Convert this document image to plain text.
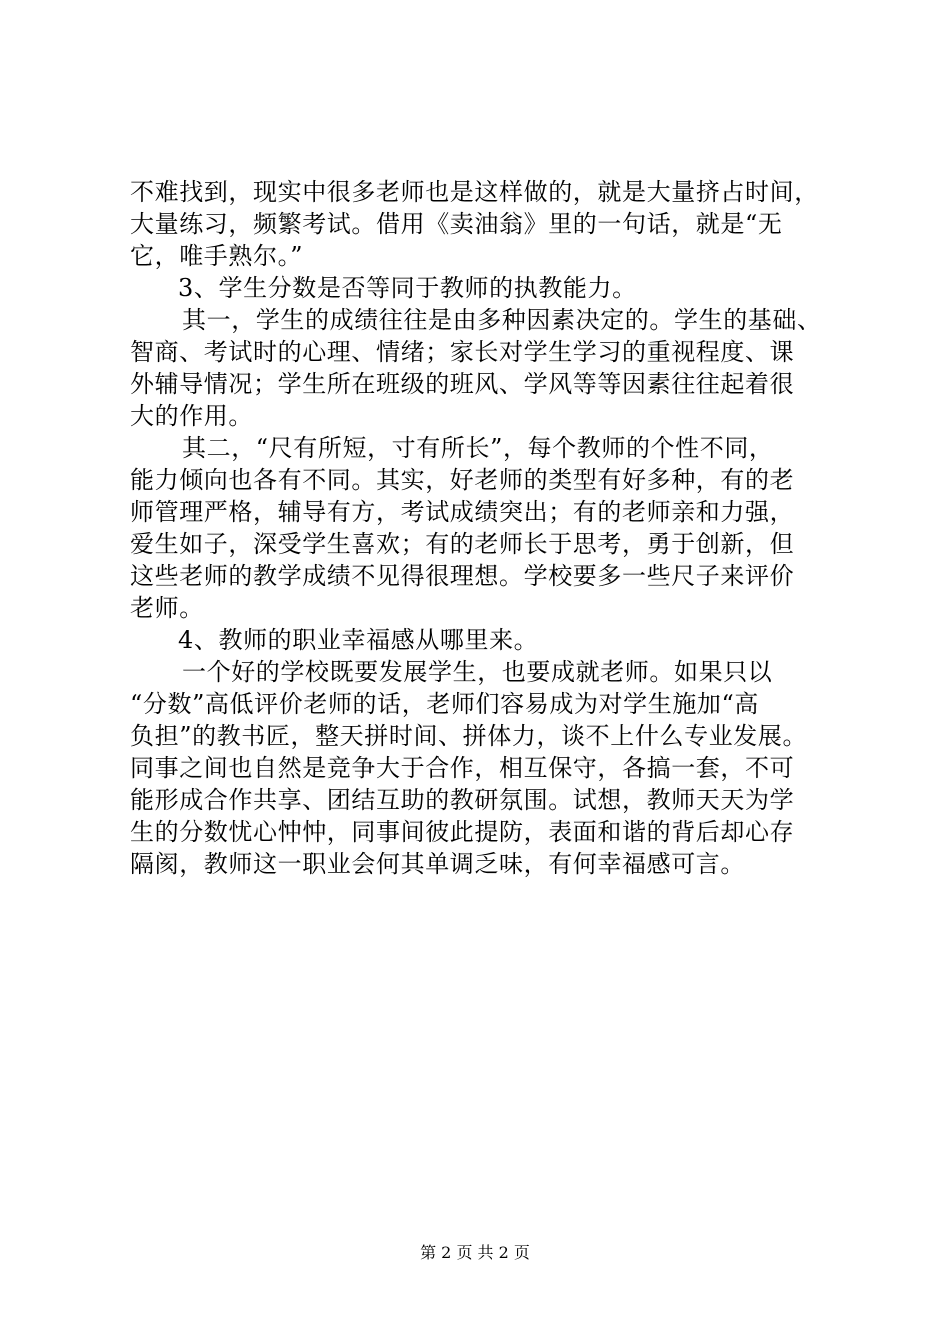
不难找到，现实中很多老师也是这样做的，就是大量挤占时间，
大量练习，频繁考试。借用《卖油翁》里的一句话，就是“无
它，唯手熟尔。”
3、学生分数是否等同于教师的执教能力。
其一，学生的成绩往往是由多种因素决定的。学生的基础、
智商、考试时的心理、情绪；家长对学生学习的重视程度、课
外辅导情况；学生所在班级的班风、学风等等因素往往起着很
大的作用。
其二，“尺有所短，寸有所长”，每个教师的个性不同，
能力倾向也各有不同。其实，好老师的类型有好多种，有的老
师管理严格，辅导有方，考试成绩突出；有的老师亲和力强，
爱生如子，深受学生喜欢；有的老师长于思考，勇于创新，但
这些老师的教学成绩不见得很理想。学校要多一些尺子来评价
老师。
4、教师的职业幸福感从哪里来。
一个好的学校既要发展学生，也要成就老师。如果只以
“分数”高低评价老师的话，老师们容易成为对学生施加“高
负担”的教书匠，整天拼时间、拼体力，谈不上什么专业发展。
同事之间也自然是竞争大于合作，相互保守，各搞一套，不可
能形成合作共享、团结互助的教研氛围。试想，教师天天为学
生的分数忧心忡忡，同事间彼此提防，表面和谐的背后却心存
隔阂，教师这一职业会何其单调乏味，有何幸福感可言。
第 2 页 共 2 页
